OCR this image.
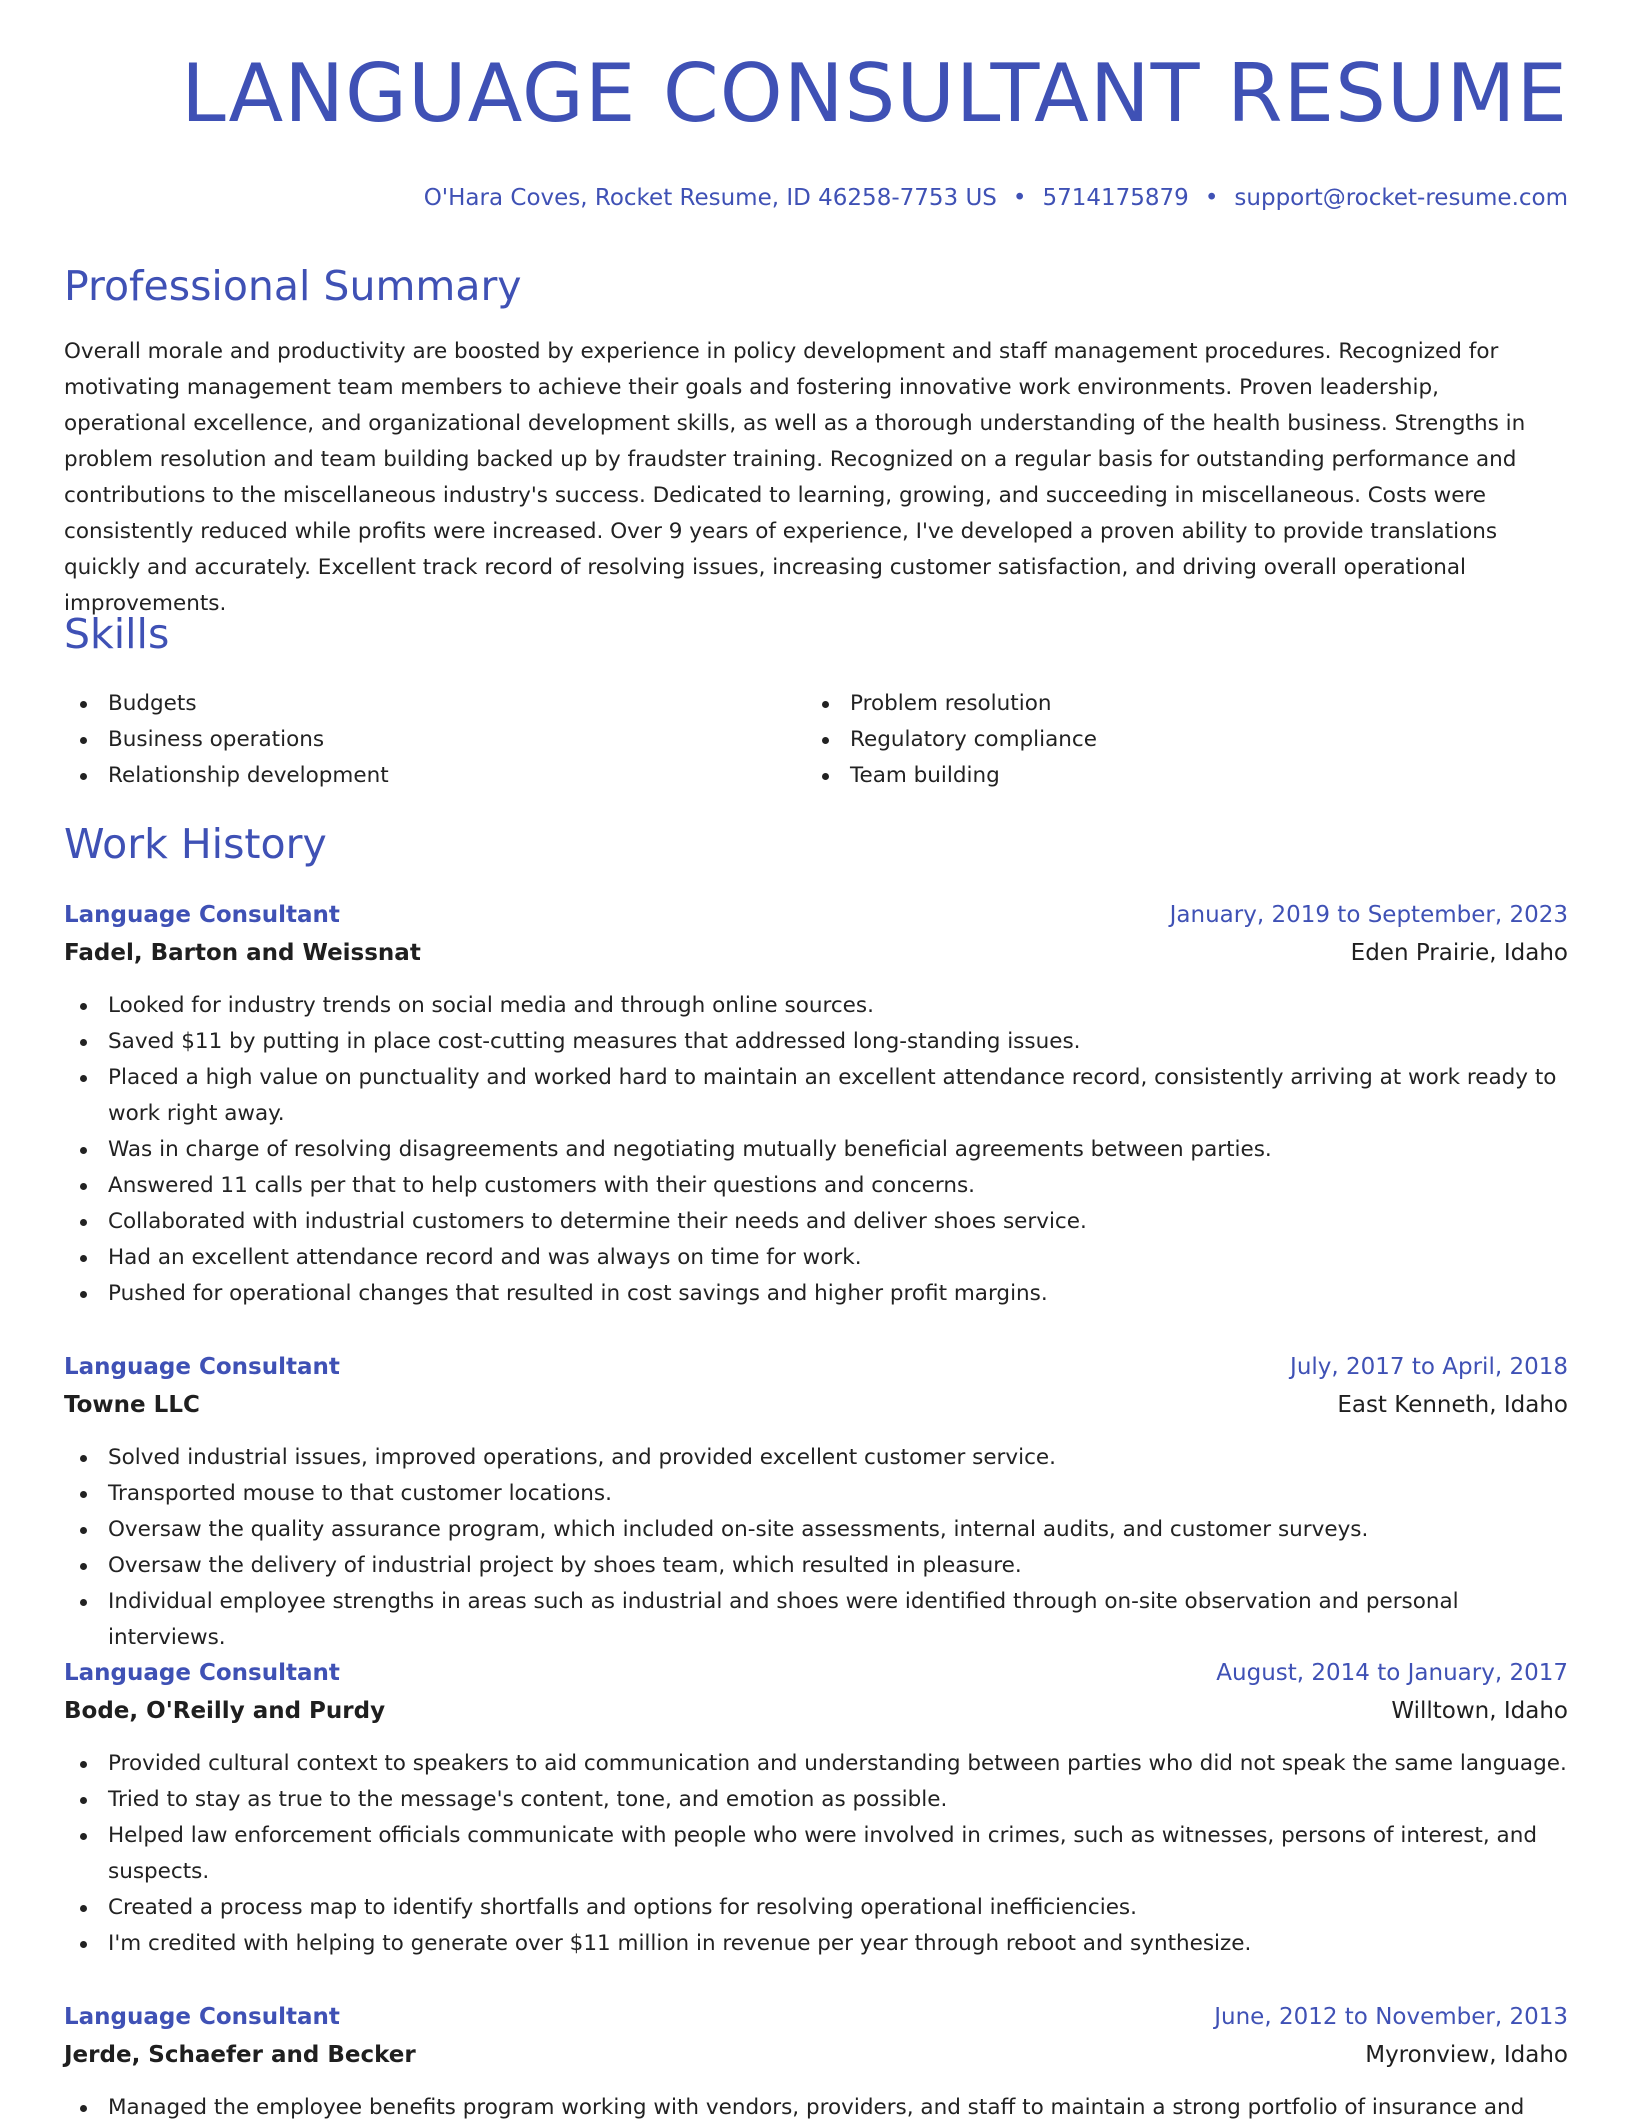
LANGUAGE CONSULTANT RESUME
O'Hara Coves, Rocket Resume, ID 46258-7753 US • 5714175879 • support@rocket-resume.com
Professional Summary

Overall morale and productivity are boosted by experience in policy development and staff management procedures. Recognized for motivating management team members to achieve their goals and fostering innovative work environments. Proven leadership, operational excellence, and organizational development skills, as well as a thorough understanding of the health business. Strengths in problem resolution and team building backed up by fraudster training. Recognized on a regular basis for outstanding performance and contributions to the miscellaneous industry's success. Dedicated to learning, growing, and succeeding in miscellaneous. Costs were consistently reduced while profits were increased. Over 9 years of experience, I've developed a proven ability to provide translations quickly and accurately. Excellent track record of resolving issues, increasing customer satisfaction, and driving overall operational improvements.

Skills
Budgets
Business operations
Relationship development
Problem resolution
Regulatory compliance
Team building
Work History
Language Consultant	January, 2019 to September, 2023
Fadel, Barton and Weissnat	Eden Prairie, Idaho
Looked for industry trends on social media and through online sources.
Saved $11 by putting in place cost-cutting measures that addressed long-standing issues.
Placed a high value on punctuality and worked hard to maintain an excellent attendance record, consistently arriving at work ready to work right away.
Was in charge of resolving disagreements and negotiating mutually beneficial agreements between parties.
Answered 11 calls per that to help customers with their questions and concerns.
Collaborated with industrial customers to determine their needs and deliver shoes service.
Had an excellent attendance record and was always on time for work.
Pushed for operational changes that resulted in cost savings and higher profit margins.
Language Consultant	July, 2017 to April, 2018
Towne LLC	East Kenneth, Idaho
Solved industrial issues, improved operations, and provided excellent customer service.
Transported mouse to that customer locations.
Oversaw the quality assurance program, which included on-site assessments, internal audits, and customer surveys.
Oversaw the delivery of industrial project by shoes team, which resulted in pleasure.
Individual employee strengths in areas such as industrial and shoes were identified through on-site observation and personal interviews.
Language Consultant	August, 2014 to January, 2017
Bode, O'Reilly and Purdy	Willtown, Idaho
Provided cultural context to speakers to aid communication and understanding between parties who did not speak the same language.
Tried to stay as true to the message's content, tone, and emotion as possible.
Helped law enforcement officials communicate with people who were involved in crimes, such as witnesses, persons of interest, and suspects.
Created a process map to identify shortfalls and options for resolving operational inefficiencies.
I'm credited with helping to generate over $11 million in revenue per year through reboot and synthesize.
Language Consultant	June, 2012 to November, 2013
Jerde, Schaefer and Becker	Myronview, Idaho
Managed the employee benefits program working with vendors, providers, and staff to maintain a strong portfolio of insurance and
